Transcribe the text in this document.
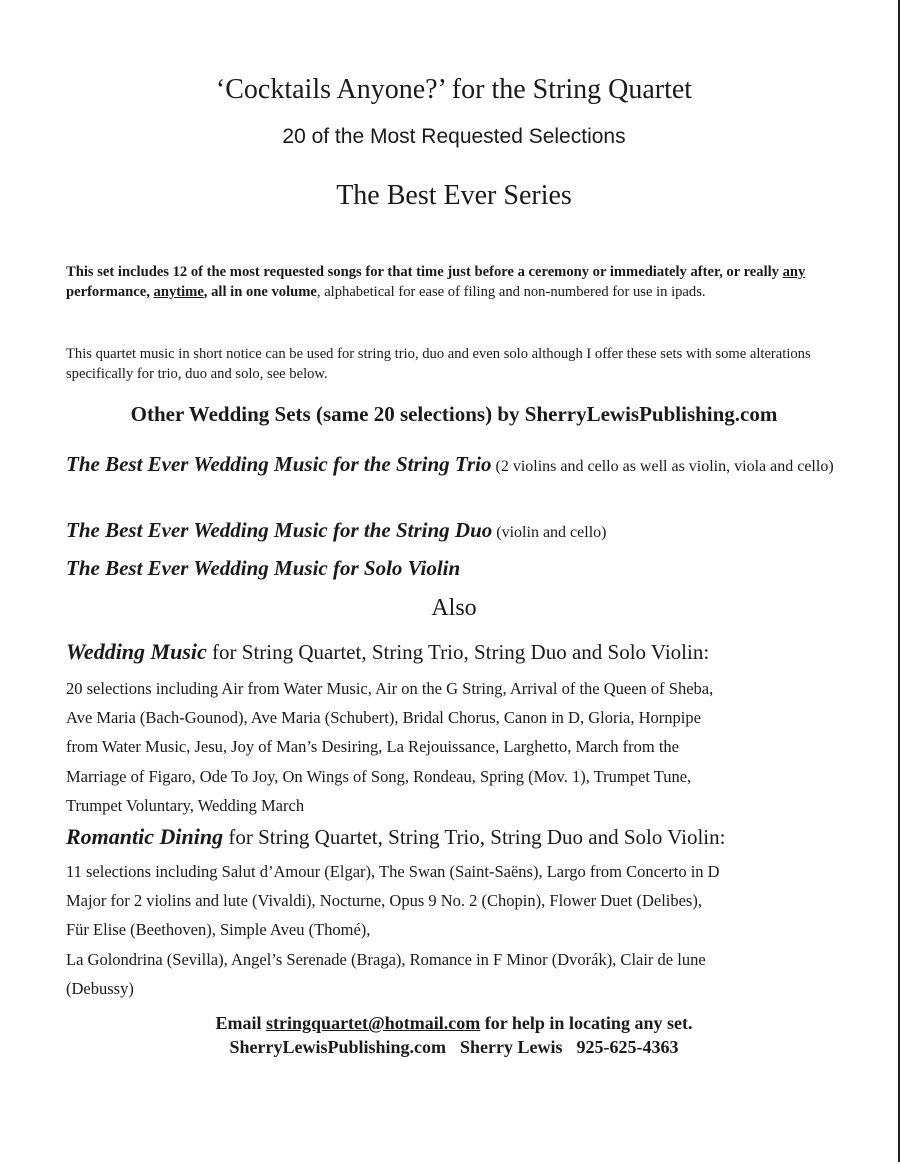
‘Cocktails Anyone?’ for the String Quartet
20 of the Most Requested Selections
The Best Ever Series
This set includes 12 of the most requested songs for that time just before a ceremony or immediately after, or really any performance, anytime, all in one volume, alphabetical for ease of filing and non-numbered for use in ipads.
This quartet music in short notice can be used for string trio, duo and even solo although I offer these sets with some alterations specifically for trio, duo and solo, see below.
Other Wedding Sets (same 20 selections) by SherryLewisPublishing.com
The Best Ever Wedding Music for the String Trio (2 violins and cello as well as violin, viola and cello)
The Best Ever Wedding Music for the String Duo (violin and cello)
The Best Ever Wedding Music for Solo Violin
Also
Wedding Music for String Quartet, String Trio, String Duo and Solo Violin:
20 selections including Air from Water Music, Air on the G String, Arrival of the Queen of Sheba,
Ave Maria (Bach-Gounod), Ave Maria (Schubert), Bridal Chorus, Canon in D, Gloria, Hornpipe
from Water Music, Jesu, Joy of Man’s Desiring, La Rejouissance, Larghetto, March from the
Marriage of Figaro, Ode To Joy, On Wings of Song, Rondeau, Spring (Mov. 1), Trumpet Tune,
Trumpet Voluntary, Wedding March
Romantic Dining for String Quartet, String Trio, String Duo and Solo Violin:
11 selections including Salut d’Amour (Elgar), The Swan (Saint-Saëns), Largo from Concerto in D
Major for 2 violins and lute (Vivaldi), Nocturne, Opus 9 No. 2 (Chopin), Flower Duet (Delibes),
Für Elise (Beethoven), Simple Aveu (Thomé),
La Golondrina (Sevilla), Angel’s Serenade (Braga), Romance in F Minor (Dvorák), Clair de lune
(Debussy)
Email stringquartet@hotmail.com for help in locating any set.
SherryLewisPublishing.com Sherry Lewis 925-625-4363
